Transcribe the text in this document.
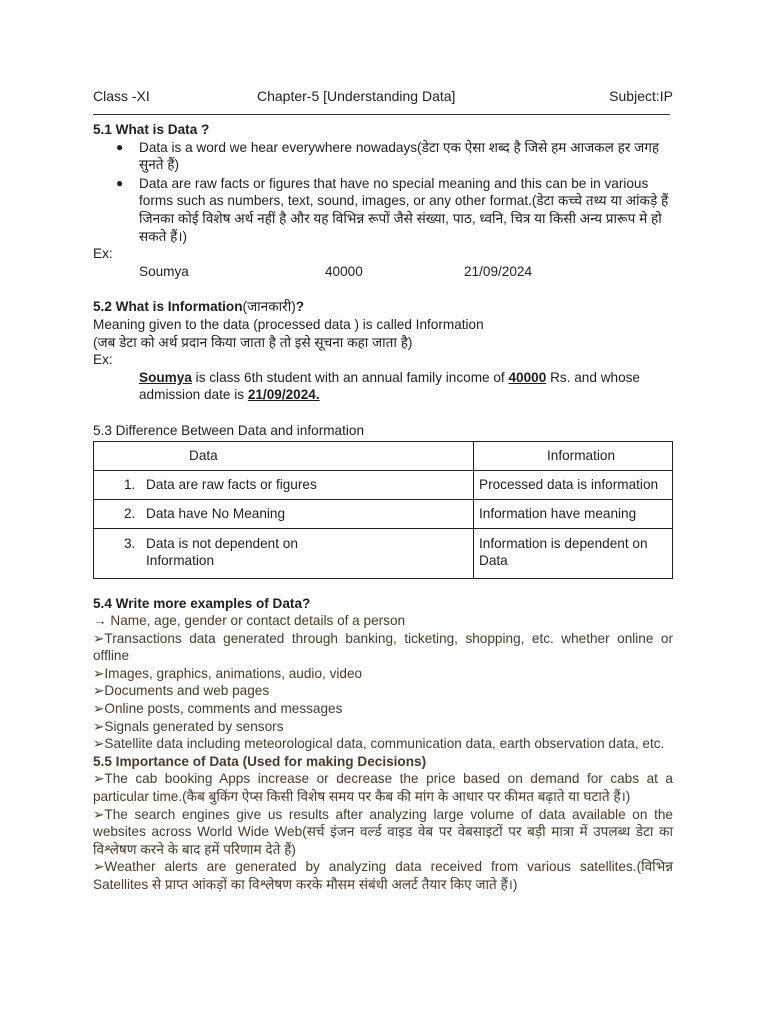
Class -XI	Chapter-5 [Understanding Data]	Subject:IP
5.1 What is Data ?
● Data is a word we hear everywhere nowadays(डेटा एक ऐसा शब्द है जिसे हम आजकल हर जगह सुनते हैं)
● Data are raw facts or figures that have no special meaning and this can be in various forms such as numbers, text, sound, images, or any other format.(डेटा कच्चे तथ्य या आंकड़े हैं जिनका कोई विशेष अर्थ नहीं है और यह विभिन्न रूपों जैसे संख्या, पाठ, ध्वनि, चित्र या किसी अन्य प्रारूप मे हो सकते हैं।)
Ex:
Soumya	40000	21/09/2024
5.2 What is Information(जानकारी)?
Meaning given to the data (processed data ) is called Information
(जब डेटा को अर्थ प्रदान किया जाता है तो इसे सूचना कहा जाता है)
Ex:
Soumya is class 6th student with an annual family income of 40000 Rs. and whose admission date is 21/09/2024.
5.3 Difference Between Data and information
Data	Information

1. Data are raw facts or figures	Processed data is information

2. Data have No Meaning	Information have meaning

3. Data is not dependent on Information	Information is dependent on Data
5.4 Write more examples of Data?
→ Name, age, gender or contact details of a person
➢Transactions data generated through banking, ticketing, shopping, etc. whether online or offline
➢Images, graphics, animations, audio, video
➢Documents and web pages
➢Online posts, comments and messages
➢Signals generated by sensors
➢Satellite data including meteorological data, communication data, earth observation data, etc.
5.5 Importance of Data (Used for making Decisions)
➢The cab booking Apps increase or decrease the price based on demand for cabs at a particular time.(कैब बुकिंग ऐप्स किसी विशेष समय पर कैब की मांग के आधार पर कीमत बढ़ाते या घटाते हैं।)
➢The search engines give us results after analyzing large volume of data available on the websites across World Wide Web(सर्च इंजन वर्ल्ड वाइड वेब पर वेबसाइटों पर बड़ी मात्रा में उपलब्ध डेटा का विश्लेषण करने के बाद हमें परिणाम देते हैं)
➢Weather alerts are generated by analyzing data received from various satellites.(विभिन्न Satellites से प्राप्त आंकड़ों का विश्लेषण करके मौसम संबंधी अलर्ट तैयार किए जाते हैं।)
